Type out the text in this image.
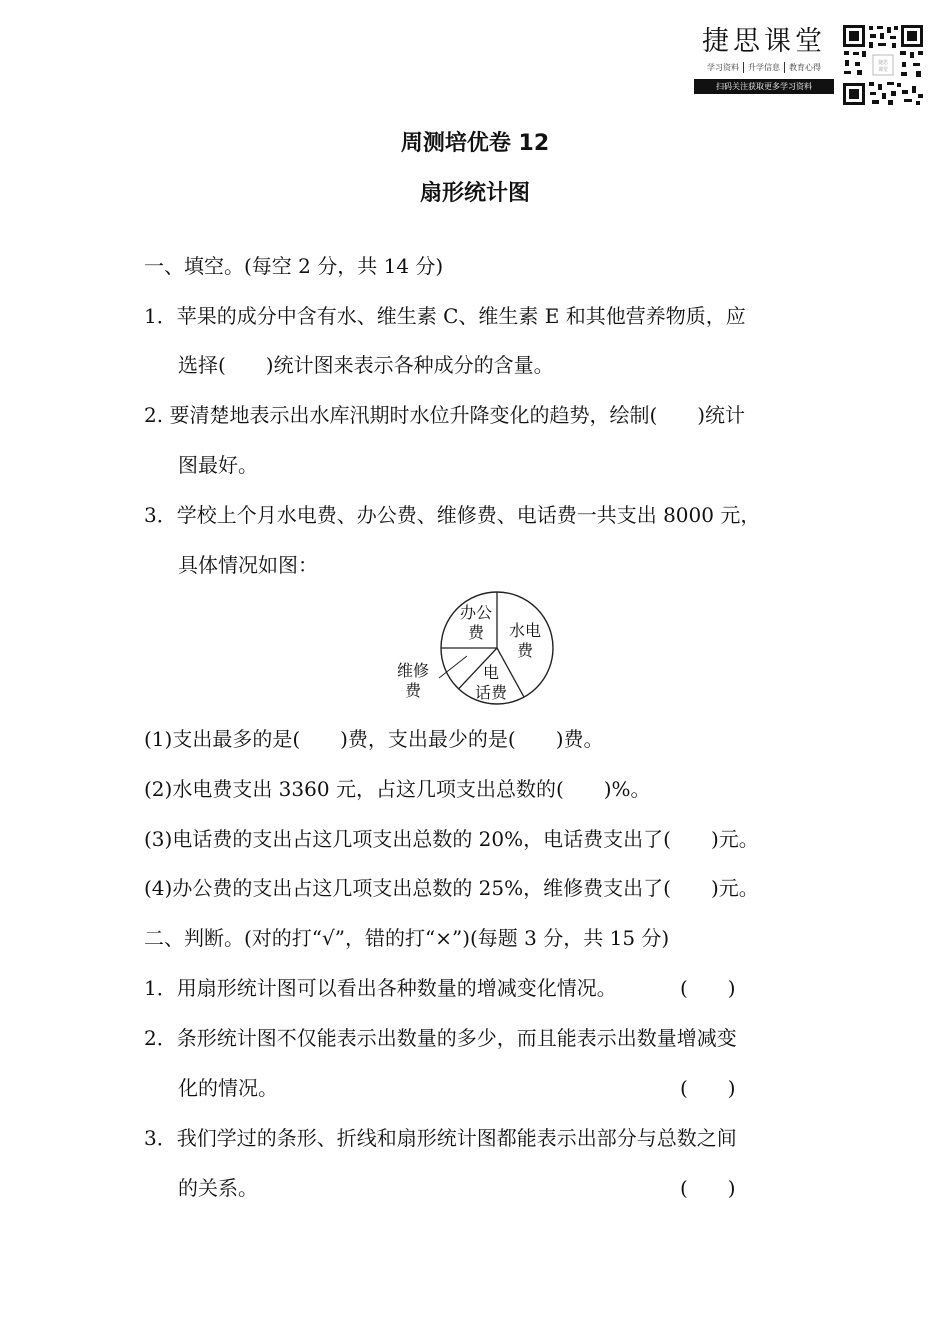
捷思课堂
学习资料	升学信息	教育心得
扫码关注获取更多学习资料
捷思
课堂
周测培优卷 12
扇形统计图
一、填空。(每空 2 分，共 14 分)
1．苹果的成分中含有水、维生素 C、维生素 E 和其他营养物质，应
选择(　　)统计图来表示各种成分的含量。
2. 要清楚地表示出水库汛期时水位升降变化的趋势，绘制(　　)统计
图最好。
3．学校上个月水电费、办公费、维修费、电话费一共支出 8000 元，
具体情况如图：
水电
费
电
话费
维修
费
办公
费
(1)支出最多的是(　　)费，支出最少的是(　　)费。
(2)水电费支出 3360 元，占这几项支出总数的(　　)%。
(3)电话费的支出占这几项支出总数的 20%，电话费支出了(　　)元。
(4)办公费的支出占这几项支出总数的 25%，维修费支出了(　　)元。
二、判断。(对的打“√”，错的打“×”)(每题 3 分，共 15 分)
1．用扇形统计图可以看出各种数量的增减变化情况。	(　　)
2．条形统计图不仅能表示出数量的多少，而且能表示出数量增减变
化的情况。	(　　)
3．我们学过的条形、折线和扇形统计图都能表示出部分与总数之间
的关系。	(　　)
